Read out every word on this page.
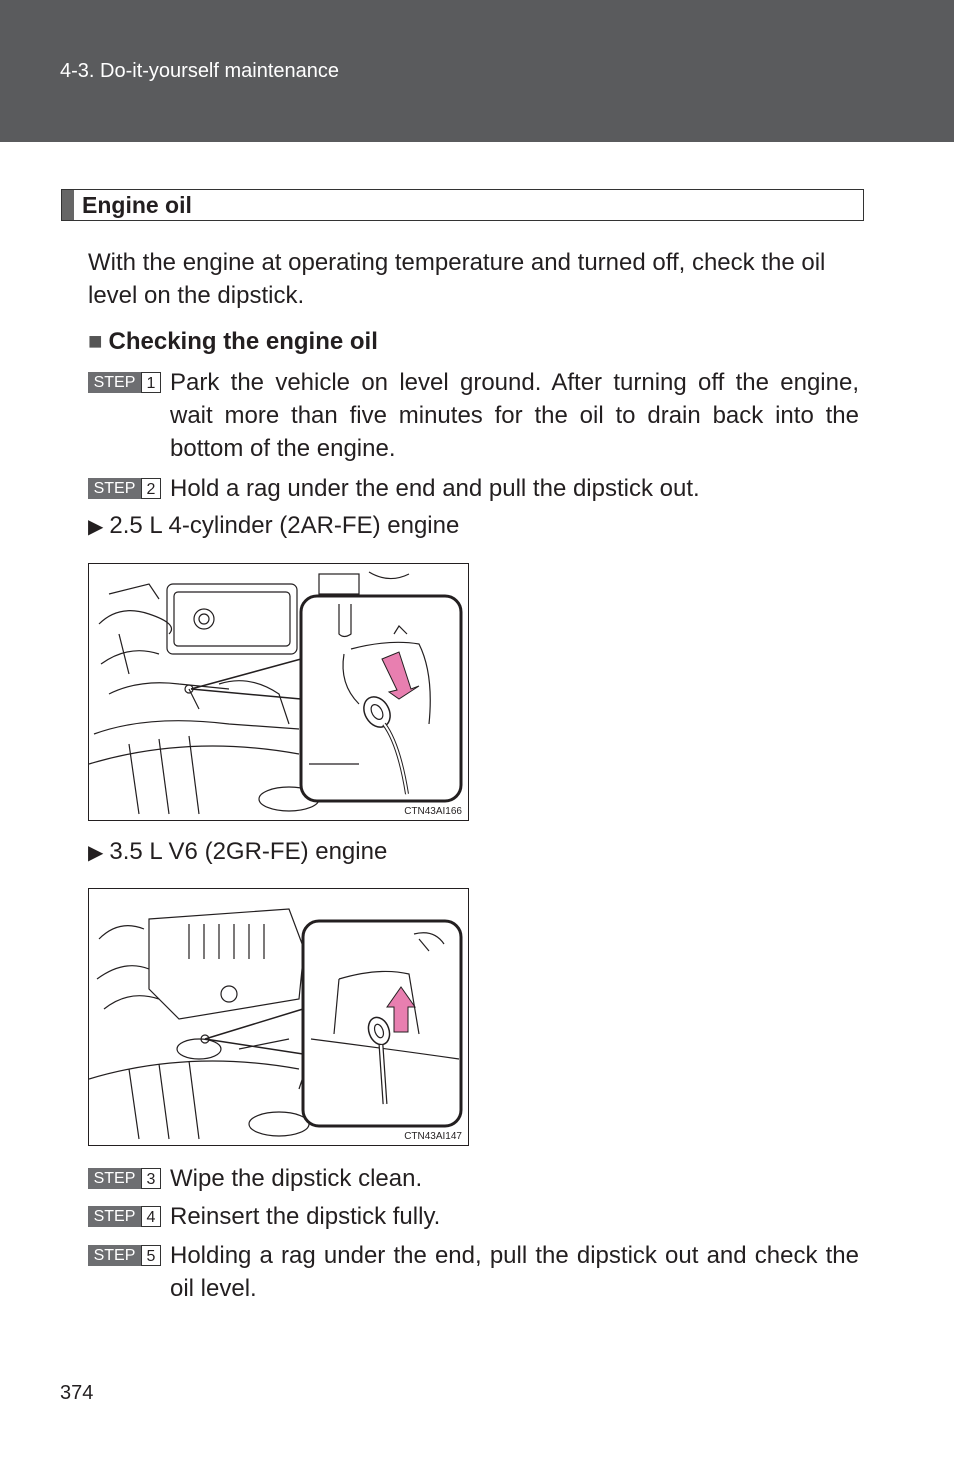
4-3. Do-it-yourself maintenance
Engine oil
With the engine at operating temperature and turned off, check the oil level on the dipstick.
■ Checking the engine oil
STEP 1 Park the vehicle on level ground. After turning off the engine, wait more than five minutes for the oil to drain back into the bottom of the engine.
STEP 2 Hold a rag under the end and pull the dipstick out.
▶ 2.5 L 4-cylinder (2AR-FE) engine
CTN43AI166
▶ 3.5 L V6 (2GR-FE) engine
CTN43AI147
STEP 3 Wipe the dipstick clean.
STEP 4 Reinsert the dipstick fully.
STEP 5 Holding a rag under the end, pull the dipstick out and check the oil level.
374
